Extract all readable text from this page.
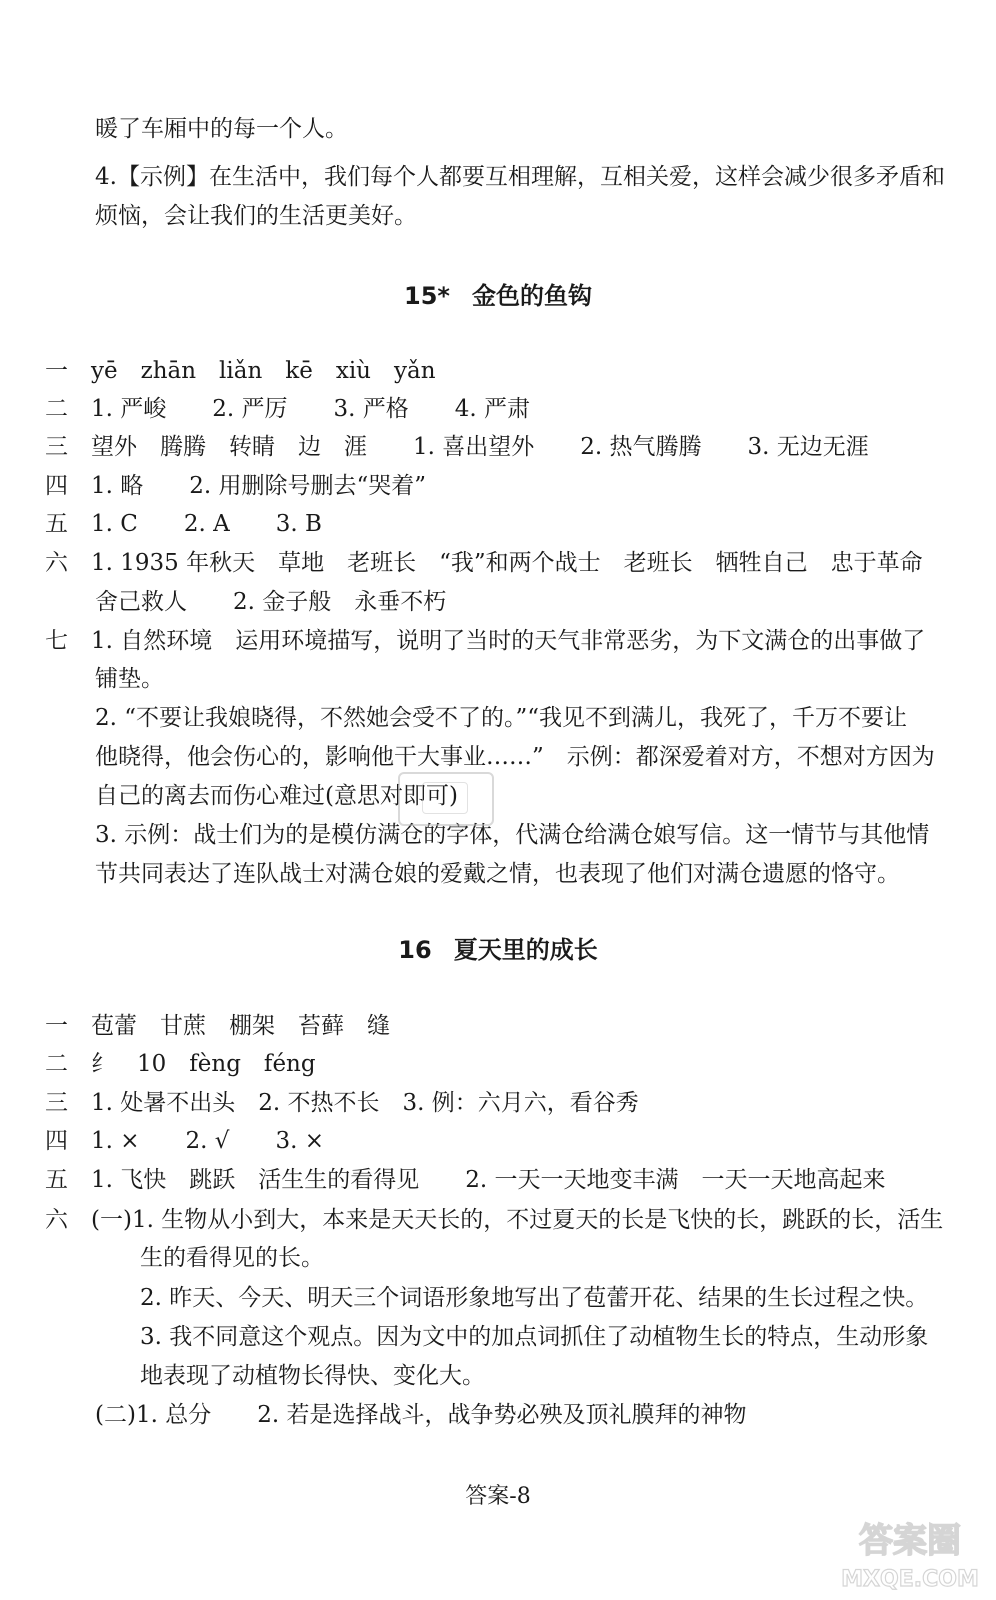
暖了车厢中的每一个人。
4.【示例】在生活中，我们每个人都要互相理解，互相关爱，这样会减少很多矛盾和
烦恼，会让我们的生活更美好。
15* 金色的鱼钩
一　yē　zhān　liǎn　kē　xiù　yǎn
二　1. 严峻　　2. 严厉　　3. 严格　　4. 严肃
三　望外　腾腾　转睛　边　涯　　1. 喜出望外　　2. 热气腾腾　　3. 无边无涯
四　1. 略　　2. 用删除号删去“哭着”
五　1. C　　2. A　　3. B
六　1. 1935 年秋天　草地　老班长　“我”和两个战士　老班长　牺牲自己　忠于革命
舍己救人　　2. 金子般　永垂不朽
七　1. 自然环境　运用环境描写，说明了当时的天气非常恶劣，为下文满仓的出事做了
铺垫。
2. “不要让我娘晓得，不然她会受不了的。”“我见不到满儿，我死了，千万不要让
他晓得，他会伤心的，影响他干大事业……”　示例：都深爱着对方，不想对方因为
自己的离去而伤心难过(意思对即可)
3. 示例：战士们为的是模仿满仓的字体，代满仓给满仓娘写信。这一情节与其他情
节共同表达了连队战士对满仓娘的爱戴之情，也表现了他们对满仓遗愿的恪守。
16 夏天里的成长
一　苞蕾　甘蔗　棚架　苔藓　缝
二　纟　10　fèng　féng
三　1. 处暑不出头　2. 不热不长　3. 例：六月六，看谷秀
四　1. ×　　2. √　　3. ×
五　1. 飞快　跳跃　活生生的看得见　　2. 一天一天地变丰满　一天一天地高起来
六　(一)1. 生物从小到大，本来是天天长的，不过夏天的长是飞快的长，跳跃的长，活生
生的看得见的长。
2. 昨天、今天、明天三个词语形象地写出了苞蕾开花、结果的生长过程之快。
3. 我不同意这个观点。因为文中的加点词抓住了动植物生长的特点，生动形象
地表现了动植物长得快、变化大。
(二)1. 总分　　2. 若是选择战斗，战争势必殃及顶礼膜拜的神物
答案-8
答案圈
MXQE.COM
